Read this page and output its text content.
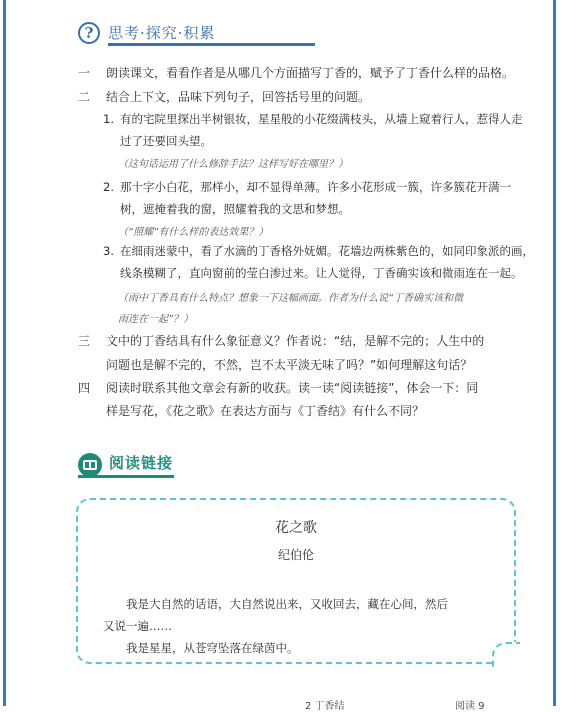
? 思考·探究·积累
一 朗读课文，看看作者是从哪几个方面描写丁香的，赋予了丁香什么样的品格。
二 结合上下文，品味下列句子，回答括号里的问题。
1. 有的宅院里探出半树银妆，星星般的小花缀满枝头，从墙上窥着行人，惹得人走
过了还要回头望。
（这句话运用了什么修辞手法？这样写好在哪里？）
2. 那十字小白花，那样小，却不显得单薄。许多小花形成一簇，许多簇花开满一
树，遮掩着我的窗，照耀着我的文思和梦想。
（“照耀”有什么样的表达效果？）
3. 在细雨迷蒙中，看了水滴的丁香格外妩媚。花墙边两株紫色的，如同印象派的画，
线条模糊了，直向窗前的莹白渗过来。让人觉得，丁香确实该和微雨连在一起。
（雨中丁香具有什么特点？想象一下这幅画面。作者为什么说“丁香确实该和微
雨连在一起”？）
三 文中的丁香结具有什么象征意义？作者说：“结，是解不完的；人生中的
问题也是解不完的，不然，岂不太平淡无味了吗？”如何理解这句话？
四 阅读时联系其他文章会有新的收获。读一读“阅读链接”，体会一下：同
样是写花，《花之歌》在表达方面与《丁香结》有什么不同？
阅读链接
花之歌
纪伯伦
我是大自然的话语，大自然说出来，又收回去，藏在心间，然后
又说一遍……
我是星星，从苍穹坠落在绿茵中。
2 丁香结	阅读 9
